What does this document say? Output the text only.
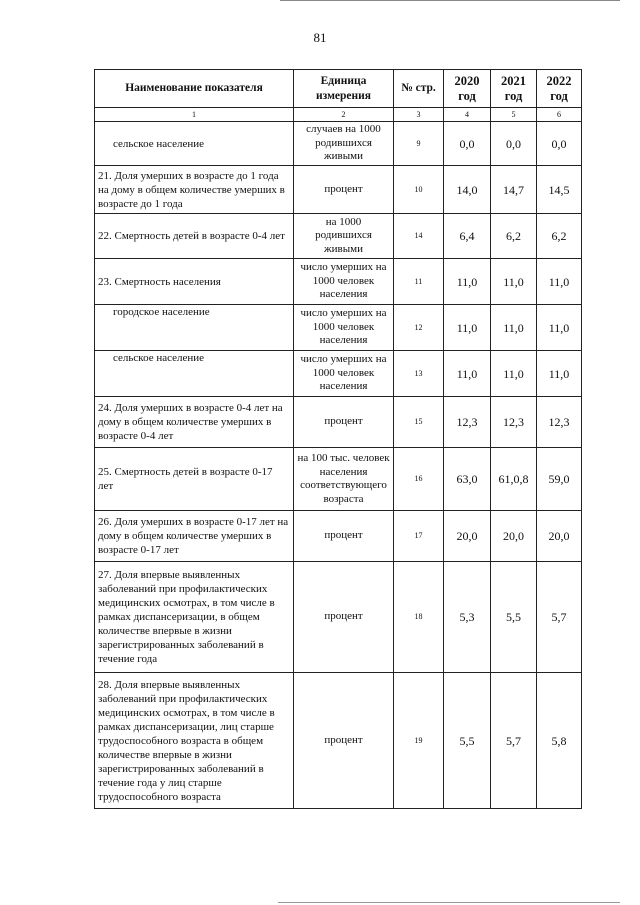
81
Наименование показателя	Единица измерения	№ стр.	2020 год	2021 год	2022 год
1	2	3	4	5	6
сельское население	случаев на 1000 родившихся живыми	9	0,0	0,0	0,0
21. Доля умерших в возрасте до 1 года на дому в общем количестве умерших в возрасте до 1 года	процент	10	14,0	14,7	14,5
22. Смертность детей в возрасте 0-4 лет	на 1000 родившихся живыми	14	6,4	6,2	6,2
23. Смертность населения	число умерших на 1000 человек населения	11	11,0	11,0	11,0
городское население	число умерших на 1000 человек населения	12	11,0	11,0	11,0
сельское население	число умерших на 1000 человек населения	13	11,0	11,0	11,0
24. Доля умерших в возрасте 0-4 лет на дому в общем количестве умерших в возрасте 0-4 лет	процент	15	12,3	12,3	12,3
25. Смертность детей в возрасте 0-17 лет	на 100 тыс. человек населения соответствующего возраста	16	63,0	61,0,8	59,0
26. Доля умерших в возрасте 0-17 лет на дому в общем количестве умерших в возрасте 0-17 лет	процент	17	20,0	20,0	20,0
27. Доля впервые выявленных заболеваний при профилактических медицинских осмотрах, в том числе в рамках диспансеризации, в общем количестве впервые в жизни зарегистрированных заболеваний в течение года	процент	18	5,3	5,5	5,7
28. Доля впервые выявленных заболеваний при профилактических медицинских осмотрах, в том числе в рамках диспансеризации, лиц старше трудоспособного возраста в общем количестве впервые в жизни зарегистрированных заболеваний в течение года у лиц старше трудоспособного возраста	процент	19	5,5	5,7	5,8
